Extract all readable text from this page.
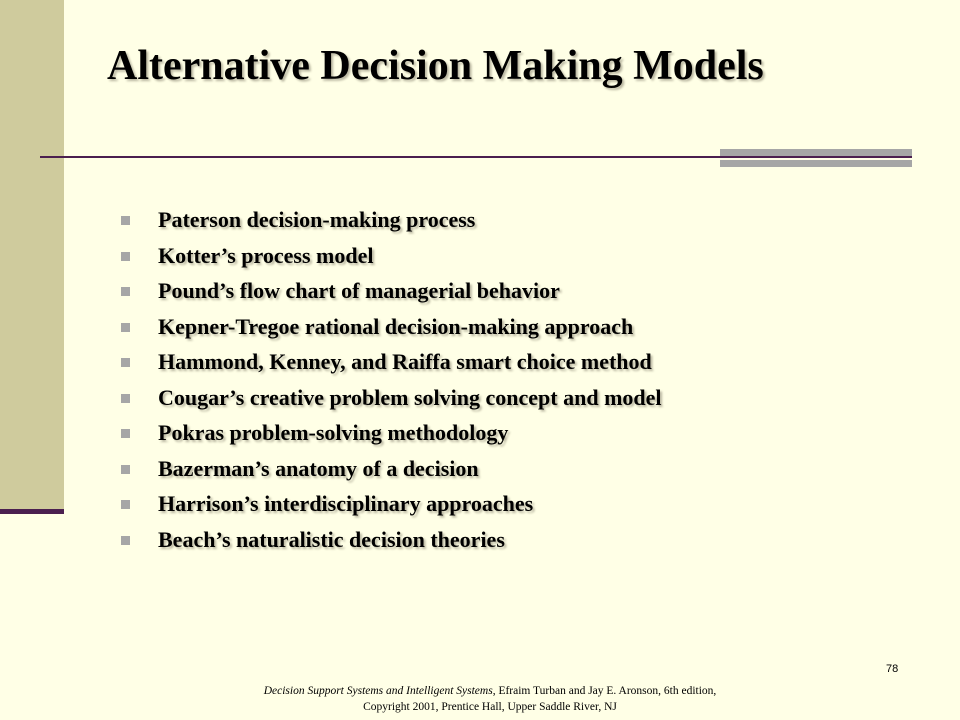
Alternative Decision Making Models
Paterson decision-making process
Kotter’s process model
Pound’s flow chart of managerial behavior
Kepner-Tregoe rational decision-making approach
Hammond, Kenney, and Raiffa smart choice method
Cougar’s creative problem solving concept and model
Pokras problem-solving methodology
Bazerman’s anatomy of a decision
Harrison’s interdisciplinary approaches
Beach’s naturalistic decision theories
78
Decision Support Systems and Intelligent Systems, Efraim Turban and Jay E. Aronson, 6th edition,
Copyright 2001, Prentice Hall, Upper Saddle River, NJ
